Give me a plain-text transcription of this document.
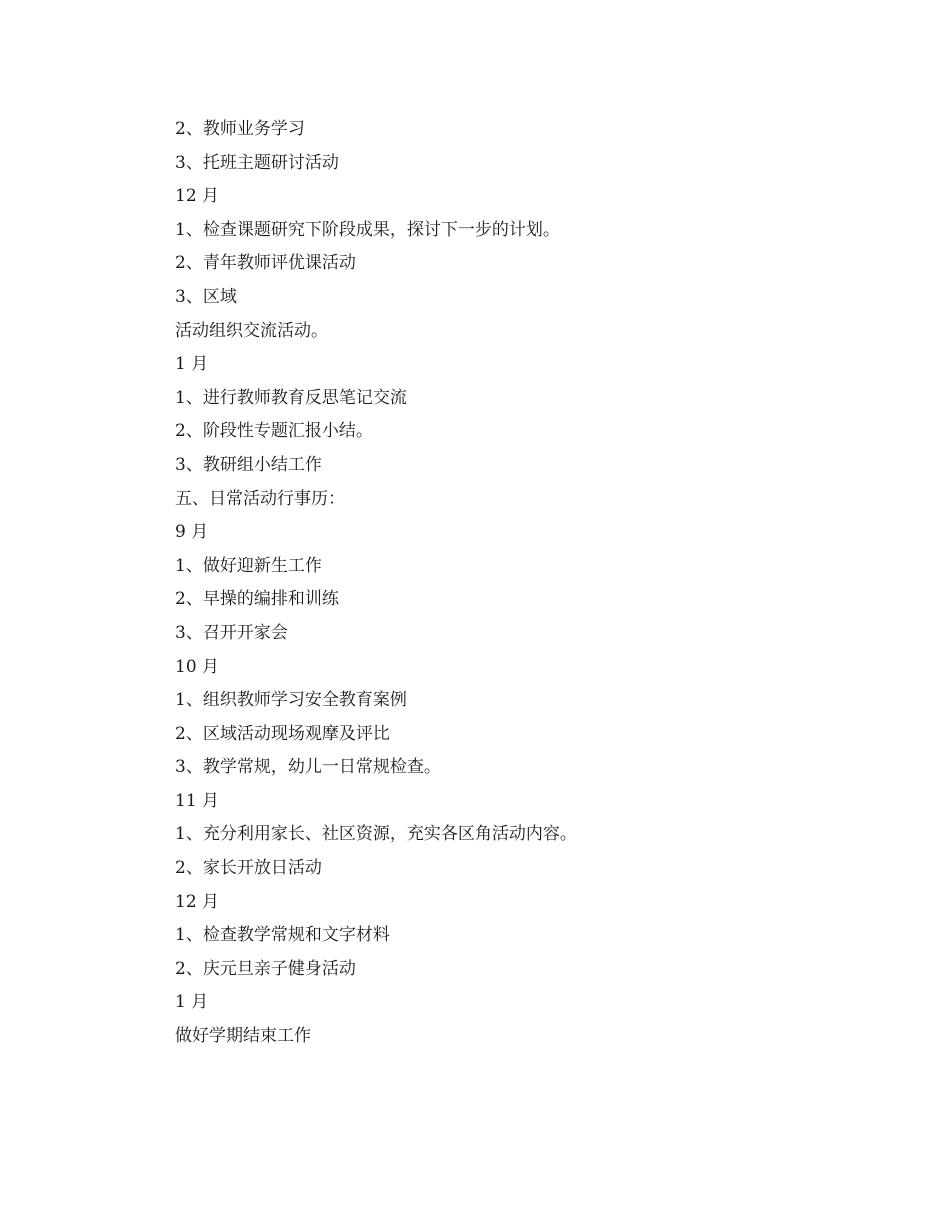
2、教师业务学习
3、托班主题研讨活动
12 月
1、检查课题研究下阶段成果，探讨下一步的计划。
2、青年教师评优课活动
3、区域
活动组织交流活动。
1 月
1、进行教师教育反思笔记交流
2、阶段性专题汇报小结。
3、教研组小结工作
五、日常活动行事历：
9 月
1、做好迎新生工作
2、早操的编排和训练
3、召开开家会
10 月
1、组织教师学习安全教育案例
2、区域活动现场观摩及评比
3、教学常规，幼儿一日常规检查。
11 月
1、充分利用家长、社区资源，充实各区角活动内容。
2、家长开放日活动
12 月
1、检查教学常规和文字材料
2、庆元旦亲子健身活动
1 月
做好学期结束工作
